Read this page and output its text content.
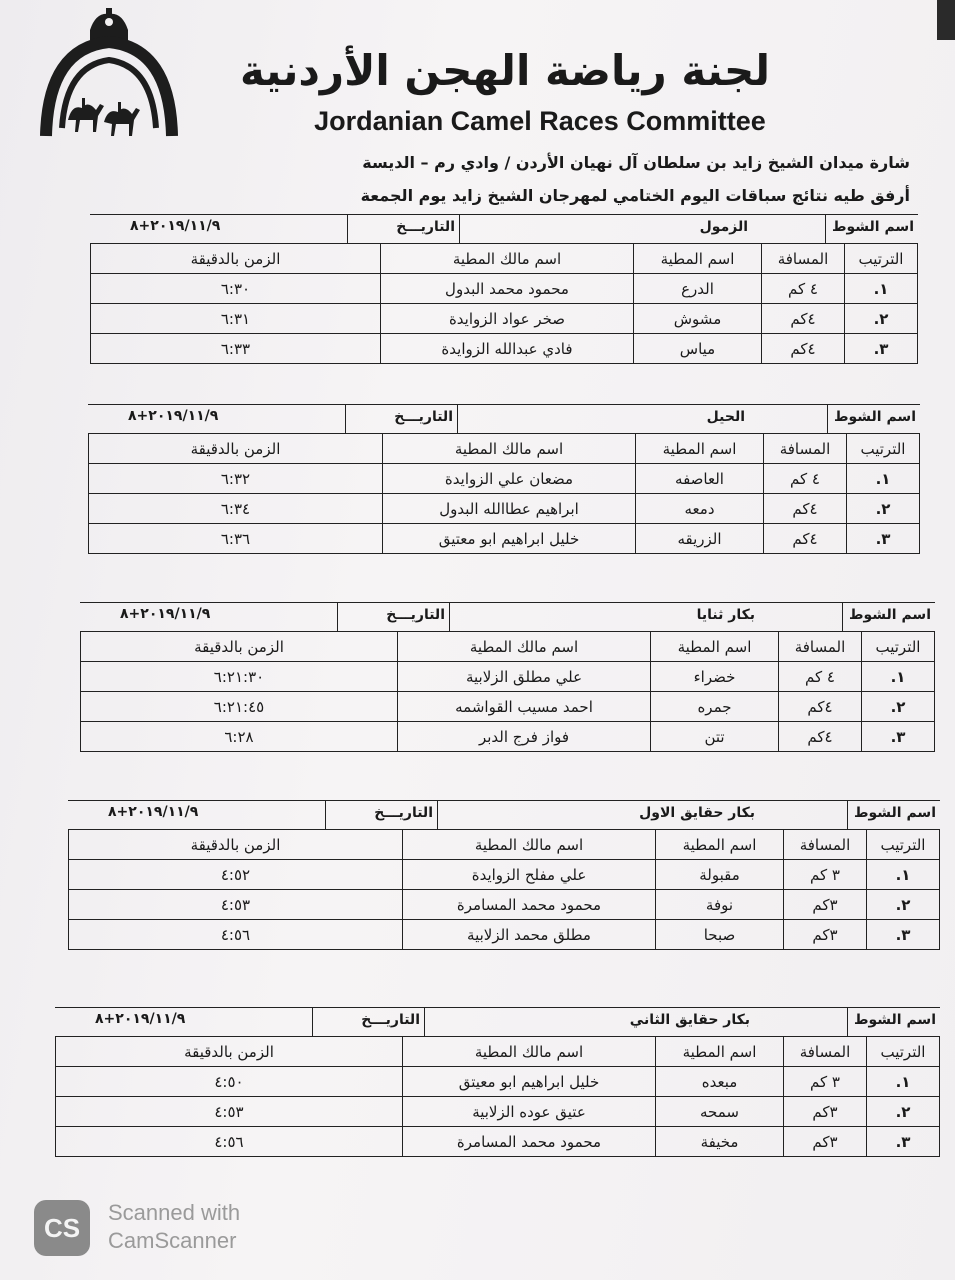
لجنة رياضة الهجن الأردنية
Jordanian Camel Races Committee
شارة ميدان الشيخ زايد بن سلطان آل نهيان الأردن / وادي رم – الديسة
أرفق طيه نتائج سباقات اليوم الختامي لمهرجان الشيخ زايد يوم الجمعة
اسم الشوط
الزمول
التاريـــخ
٢٠١٩/١١/٩+٨
الترتيب	المسافة	اسم المطية	اسم مالك المطية	الزمن بالدقيقة
١.	٤ كم	الدرع	محمود محمد البدول	٦:٣٠
٢.	٤كم	مشوش	صخر عواد الزوايدة	٦:٣١
٣.	٤كم	مياس	فادي عبدالله الزوايدة	٦:٣٣
اسم الشوط
الحيل
التاريـــخ
٢٠١٩/١١/٩+٨
الترتيب	المسافة	اسم المطية	اسم مالك المطية	الزمن بالدقيقة
١.	٤ كم	العاصفه	مضعان علي الزوايدة	٦:٣٢
٢.	٤كم	دمعه	ابراهيم عطاالله البدول	٦:٣٤
٣.	٤كم	الزريقه	خليل ابراهيم ابو معتيق	٦:٣٦
اسم الشوط
بكار ثنايا
التاريـــخ
٢٠١٩/١١/٩+٨
الترتيب	المسافة	اسم المطية	اسم مالك المطية	الزمن بالدقيقة
١.	٤ كم	خضراء	علي مطلق الزلابية	٦:٢١:٣٠
٢.	٤كم	جمره	احمد مسيب القواشمه	٦:٢١:٤٥
٣.	٤كم	تتن	فواز فرج الدبر	٦:٢٨
اسم الشوط
بكار حقايق الاول
التاريـــخ
٢٠١٩/١١/٩+٨
الترتيب	المسافة	اسم المطية	اسم مالك المطية	الزمن بالدقيقة
١.	٣ كم	مقبولة	علي مفلح الزوايدة	٤:٥٢
٢.	٣كم	نوفة	محمود محمد المسامرة	٤:٥٣
٣.	٣كم	صبحا	مطلق محمد الزلابية	٤:٥٦
اسم الشوط
بكار حقايق الثاني
التاريـــخ
٢٠١٩/١١/٩+٨
الترتيب	المسافة	اسم المطية	اسم مالك المطية	الزمن بالدقيقة
١.	٣ كم	مبعده	خليل ابراهيم ابو معيتق	٤:٥٠
٢.	٣كم	سمحه	عتيق عوده الزلابية	٤:٥٣
٣.	٣كم	مخيفة	محمود محمد المسامرة	٤:٥٦
CS
Scanned with
CamScanner
